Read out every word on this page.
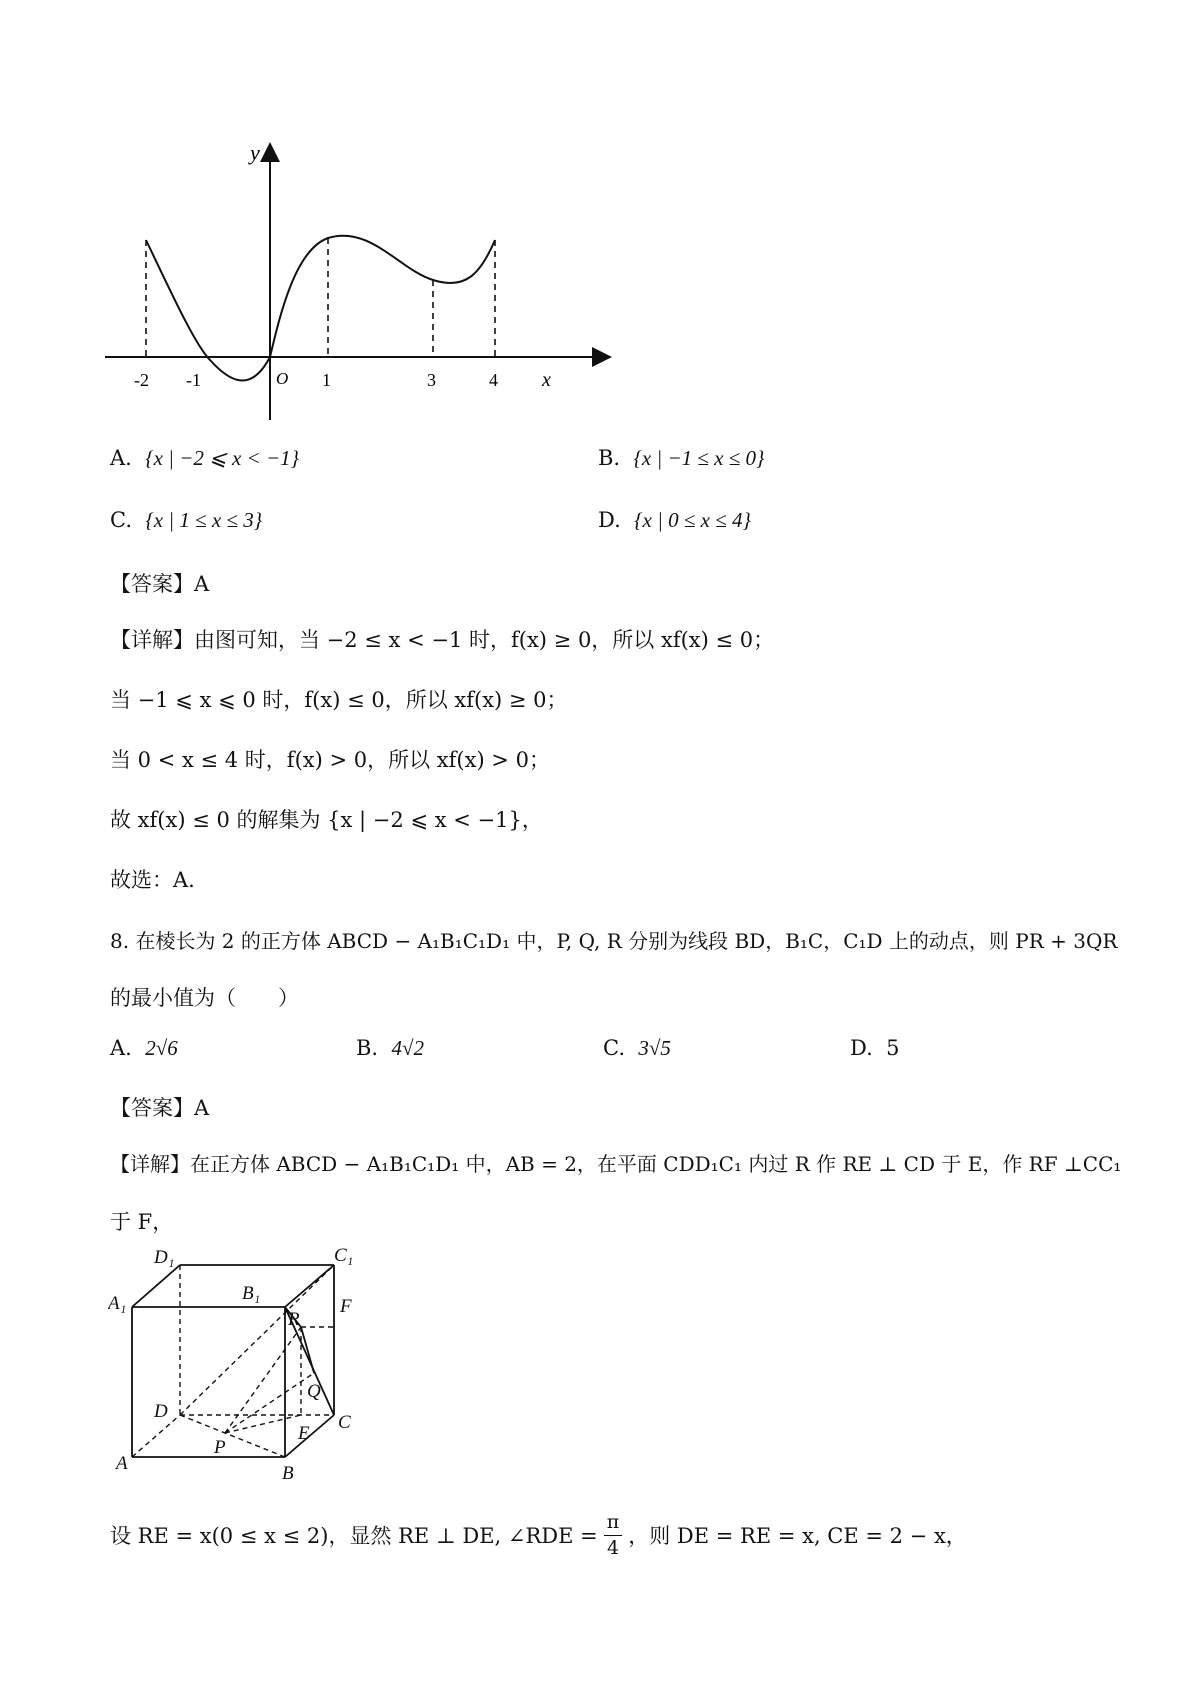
y
x
O
-2 -1	1	3	4
A. {x | −2 ⩽ x < −1}	B. {x | −1 ≤ x ≤ 0}
C. {x | 1 ≤ x ≤ 3}	D. {x | 0 ≤ x ≤ 4}
【答案】A
【详解】由图可知，当 −2 ≤ x < −1 时，f(x) ≥ 0，所以 xf(x) ≤ 0；
当 −1 ⩽ x ⩽ 0 时，f(x) ≤ 0，所以 xf(x) ≥ 0；
当 0 < x ≤ 4 时，f(x) > 0，所以 xf(x) > 0；
故 xf(x) ≤ 0 的解集为 {x | −2 ⩽ x < −1}，
故选：A.
8. 在棱长为 2 的正方体 ABCD − A₁B₁C₁D₁ 中，P, Q, R 分别为线段 BD，B₁C，C₁D 上的动点，则 PR + 3QR
的最小值为（　　）
A. 2√6	B. 4√2	C. 3√5	D. 5
【答案】A
【详解】在正方体 ABCD − A₁B₁C₁D₁ 中，AB = 2，在平面 CDD₁C₁ 内过 R 作 RE ⊥ CD 于 E，作 RF ⊥CC₁
于 F，
D₁	C₁
A₁	B₁
R
F
Q
D
C
E
P
A	B
设 RE = x(0 ≤ x ≤ 2)，显然 RE ⊥ DE, ∠RDE = $\frac{\pi}{4}$ ，则 DE = RE = x, CE = 2 − x，
